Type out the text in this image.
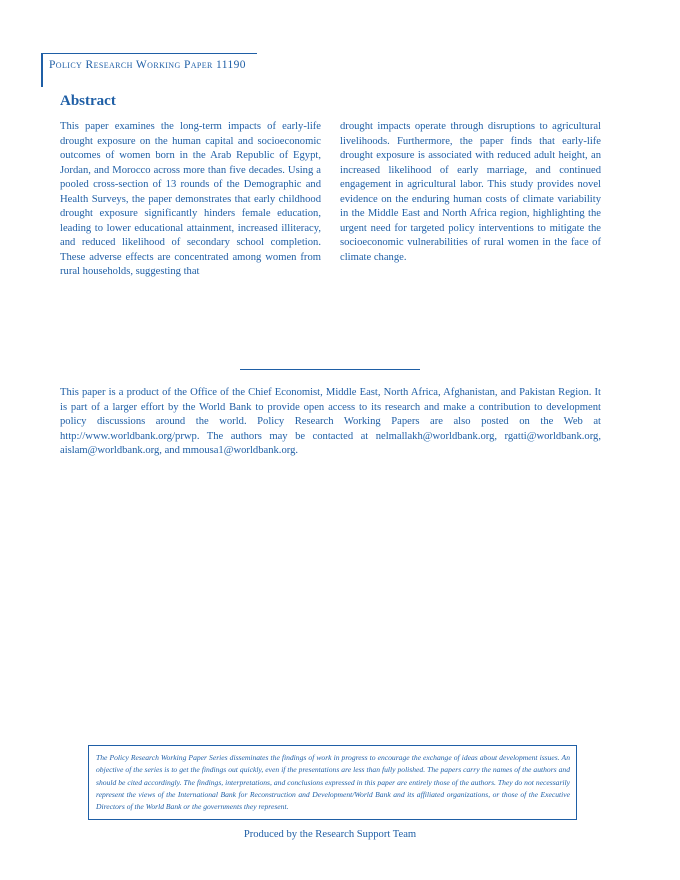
Policy Research Working Paper 11190
Abstract

This paper examines the long-term impacts of early-life drought exposure on the human capital and socioeconomic outcomes of women born in the Arab Republic of Egypt, Jordan, and Morocco across more than five decades. Using a pooled cross-section of 13 rounds of the Demographic and Health Surveys, the paper demonstrates that early childhood drought exposure significantly hinders female education, leading to lower educational attainment, increased illiteracy, and reduced likelihood of secondary school completion. These adverse effects are concentrated among women from rural households, suggesting that

drought impacts operate through disruptions to agricultural livelihoods. Furthermore, the paper finds that early-life drought exposure is associated with reduced adult height, an increased likelihood of early marriage, and continued engagement in agricultural labor. This study provides novel evidence on the enduring human costs of climate variability in the Middle East and North Africa region, highlighting the urgent need for targeted policy interventions to mitigate the socioeconomic vulnerabilities of rural women in the face of climate change.

This paper is a product of the Office of the Chief Economist, Middle East, North Africa, Afghanistan, and Pakistan Region. It is part of a larger effort by the World Bank to provide open access to its research and make a contribution to development policy discussions around the world. Policy Research Working Papers are also posted on the Web at http://www.worldbank.org/prwp. The authors may be contacted at nelmallakh@worldbank.org, rgatti@worldbank.org, aislam@worldbank.org, and mmousa1@worldbank.org.

The Policy Research Working Paper Series disseminates the findings of work in progress to encourage the exchange of ideas about development issues. An objective of the series is to get the findings out quickly, even if the presentations are less than fully polished. The papers carry the names of the authors and should be cited accordingly. The findings, interpretations, and conclusions expressed in this paper are entirely those of the authors. They do not necessarily represent the views of the International Bank for Reconstruction and Development/World Bank and its affiliated organizations, or those of the Executive Directors of the World Bank or the governments they represent.

Produced by the Research Support Team
